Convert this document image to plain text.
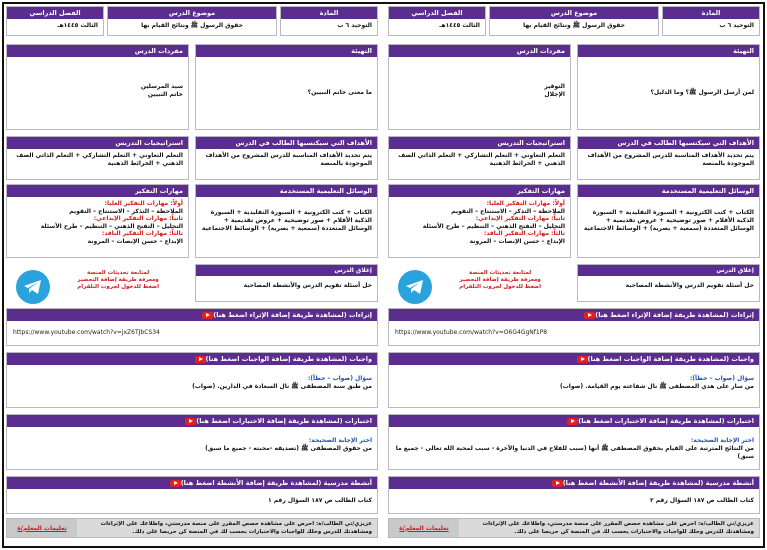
المادة
التوحيد ٦ ب
موضوع الدرس
حقوق الرسول ﷺ ونتائج القيام بها
الفصل الدراسي
الثالث ١٤٤٥هـ
التهيئة
لمن أرسل الرسول ﷺ؟ وما الدليل؟
مفردات الدرس
التوقير
الإجلال
الأهداف التي سيكتسبها الطالب في الدرس
يتم تحديد الأهداف المناسبة للدرس المشروح من الأهداف الموجودة بالمنصة
استراتيجيات التدريس
التعلم التعاوني + التعلم التشاركي + التعلم الذاتي الصف الذهني + الخرائط الذهنية
الوسائل التعليمية المستخدمة
الكتاب + كتب الكترونية + السبورة التقليدية + السبورة الذكية الأقلام + صور توضيحية + عروض تقديمية + الوسائل المتعددة (سمعية + بصرية) + الوسائط الاجتماعية
إغلاق الدرس
حل أسئلة تقويم الدرس والأنشطة المصاحبة
مهارات التفكير
أولاً: مهارات التفكير العليا:
الملاحظة – التذكر – الاستنتاج – التقويم
ثانياً: مهارات التفكير الإبداعي:
التحليل – التفتح الذهني – التنظيم – طرح الأسئلة
ثالثاً: مهارات التفكير الناقد:
الإبداع – حسن الإنصات – المرونة
لمتابعة تحديثات المنصة
ومعرفة طريقة إضافة التحضير
اضغط للدخول لجروب التلقرام
إثراءات (لمشاهدة طريقة إضافة الإثراء اضغط هنا)
https://www.youtube.com/watch?v=O6G4GgNf1P8
واجبات (لمشاهدة طريقة إضافة الواجبات اضغط هنا)
سؤال (صواب – خطأ):
من سار على هدي المصطفى ﷺ نال شفاعته يوم القيامة. (صواب)
اختبارات (لمشاهدة طريقة إضافة الاختبارات اضغط هنا)
اختر الإجابة الصحيحة:
من النتائج المترتبة على القيام بحقوق المصطفى ﷺ أنها (سبب للفلاح في الدنيا والآخرة - سبب لمحبة الله تعالى - جميع ما سبق)
أنشطة مدرسية (لمشاهدة طريقة إضافة الأنشطة اضغط هنا)
كتاب الطالب ص ١٨٧ السؤال رقم ٢
عزيزي/تي الطالب/ة: احرص على مشاهدة حصص المقرر على منصة مدرستي، واطلاعك على الإثراءات ومشاهدتك للدرس وحلك للواجبات والاختبارات يحسب لك في المنصة كن حريصا على ذلك.
تعليمات المعلم/ة
المادة
التوحيد ٦ ب
موضوع الدرس
حقوق الرسول ﷺ ونتائج القيام بها
الفصل الدراسي
الثالث ١٤٤٥هـ
التهيئة
ما معنى خاتم النبيين؟
مفردات الدرس
سيد المرسلين
خاتم النبيين
الأهداف التي سيكتسبها الطالب في الدرس
يتم تحديد الأهداف المناسبة للدرس المشروح من الأهداف الموجودة بالمنصة
استراتيجيات التدريس
التعلم التعاوني + التعلم التشاركي + التعلم الذاتي الصف الذهني + الخرائط الذهنية
الوسائل التعليمية المستخدمة
الكتاب + كتب الكترونية + السبورة التقليدية + السبورة الذكية الأقلام + صور توضيحية + عروض تقديمية + الوسائل المتعددة (سمعية + بصرية) + الوسائط الاجتماعية
إغلاق الدرس
حل أسئلة تقويم الدرس والأنشطة المصاحبة
مهارات التفكير
أولاً: مهارات التفكير العليا:
الملاحظة – التذكر – الاستنتاج – التقويم
ثانياً: مهارات التفكير الإبداعي:
التحليل – التفتح الذهني – التنظيم – طرح الأسئلة
ثالثاً: مهارات التفكير الناقد:
الإبداع – حسن الإنصات – المرونة
لمتابعة تحديثات المنصة
ومعرفة طريقة إضافة التحضير
اضغط للدخول لجروب التلقرام
إثراءات (لمشاهدة طريقة إضافة الإثراء اضغط هنا)
https://www.youtube.com/watch?v=jxZ6TJbCS34
واجبات (لمشاهدة طريقة إضافة الواجبات اضغط هنا)
سؤال (صواب – خطأ):
من طبق سنة المصطفى ﷺ نال السعادة في الدارين. (صواب)
اختبارات (لمشاهدة طريقة إضافة الاختبارات اضغط هنا)
اختر الإجابة الصحيحة:
من حقوق المصطفى ﷺ (تصديقه -محبته - جميع ما سبق)
أنشطة مدرسية (لمشاهدة طريقة إضافة الأنشطة اضغط هنا)
كتاب الطالب ص ١٨٧ السؤال رقم ١
عزيزي/تي الطالب/ة: احرص على مشاهدة حصص المقرر على منصة مدرستي، واطلاعك على الإثراءات ومشاهدتك للدرس وحلك للواجبات والاختبارات يحسب لك في المنصة كن حريصا على ذلك.
تعليمات المعلم/ة
